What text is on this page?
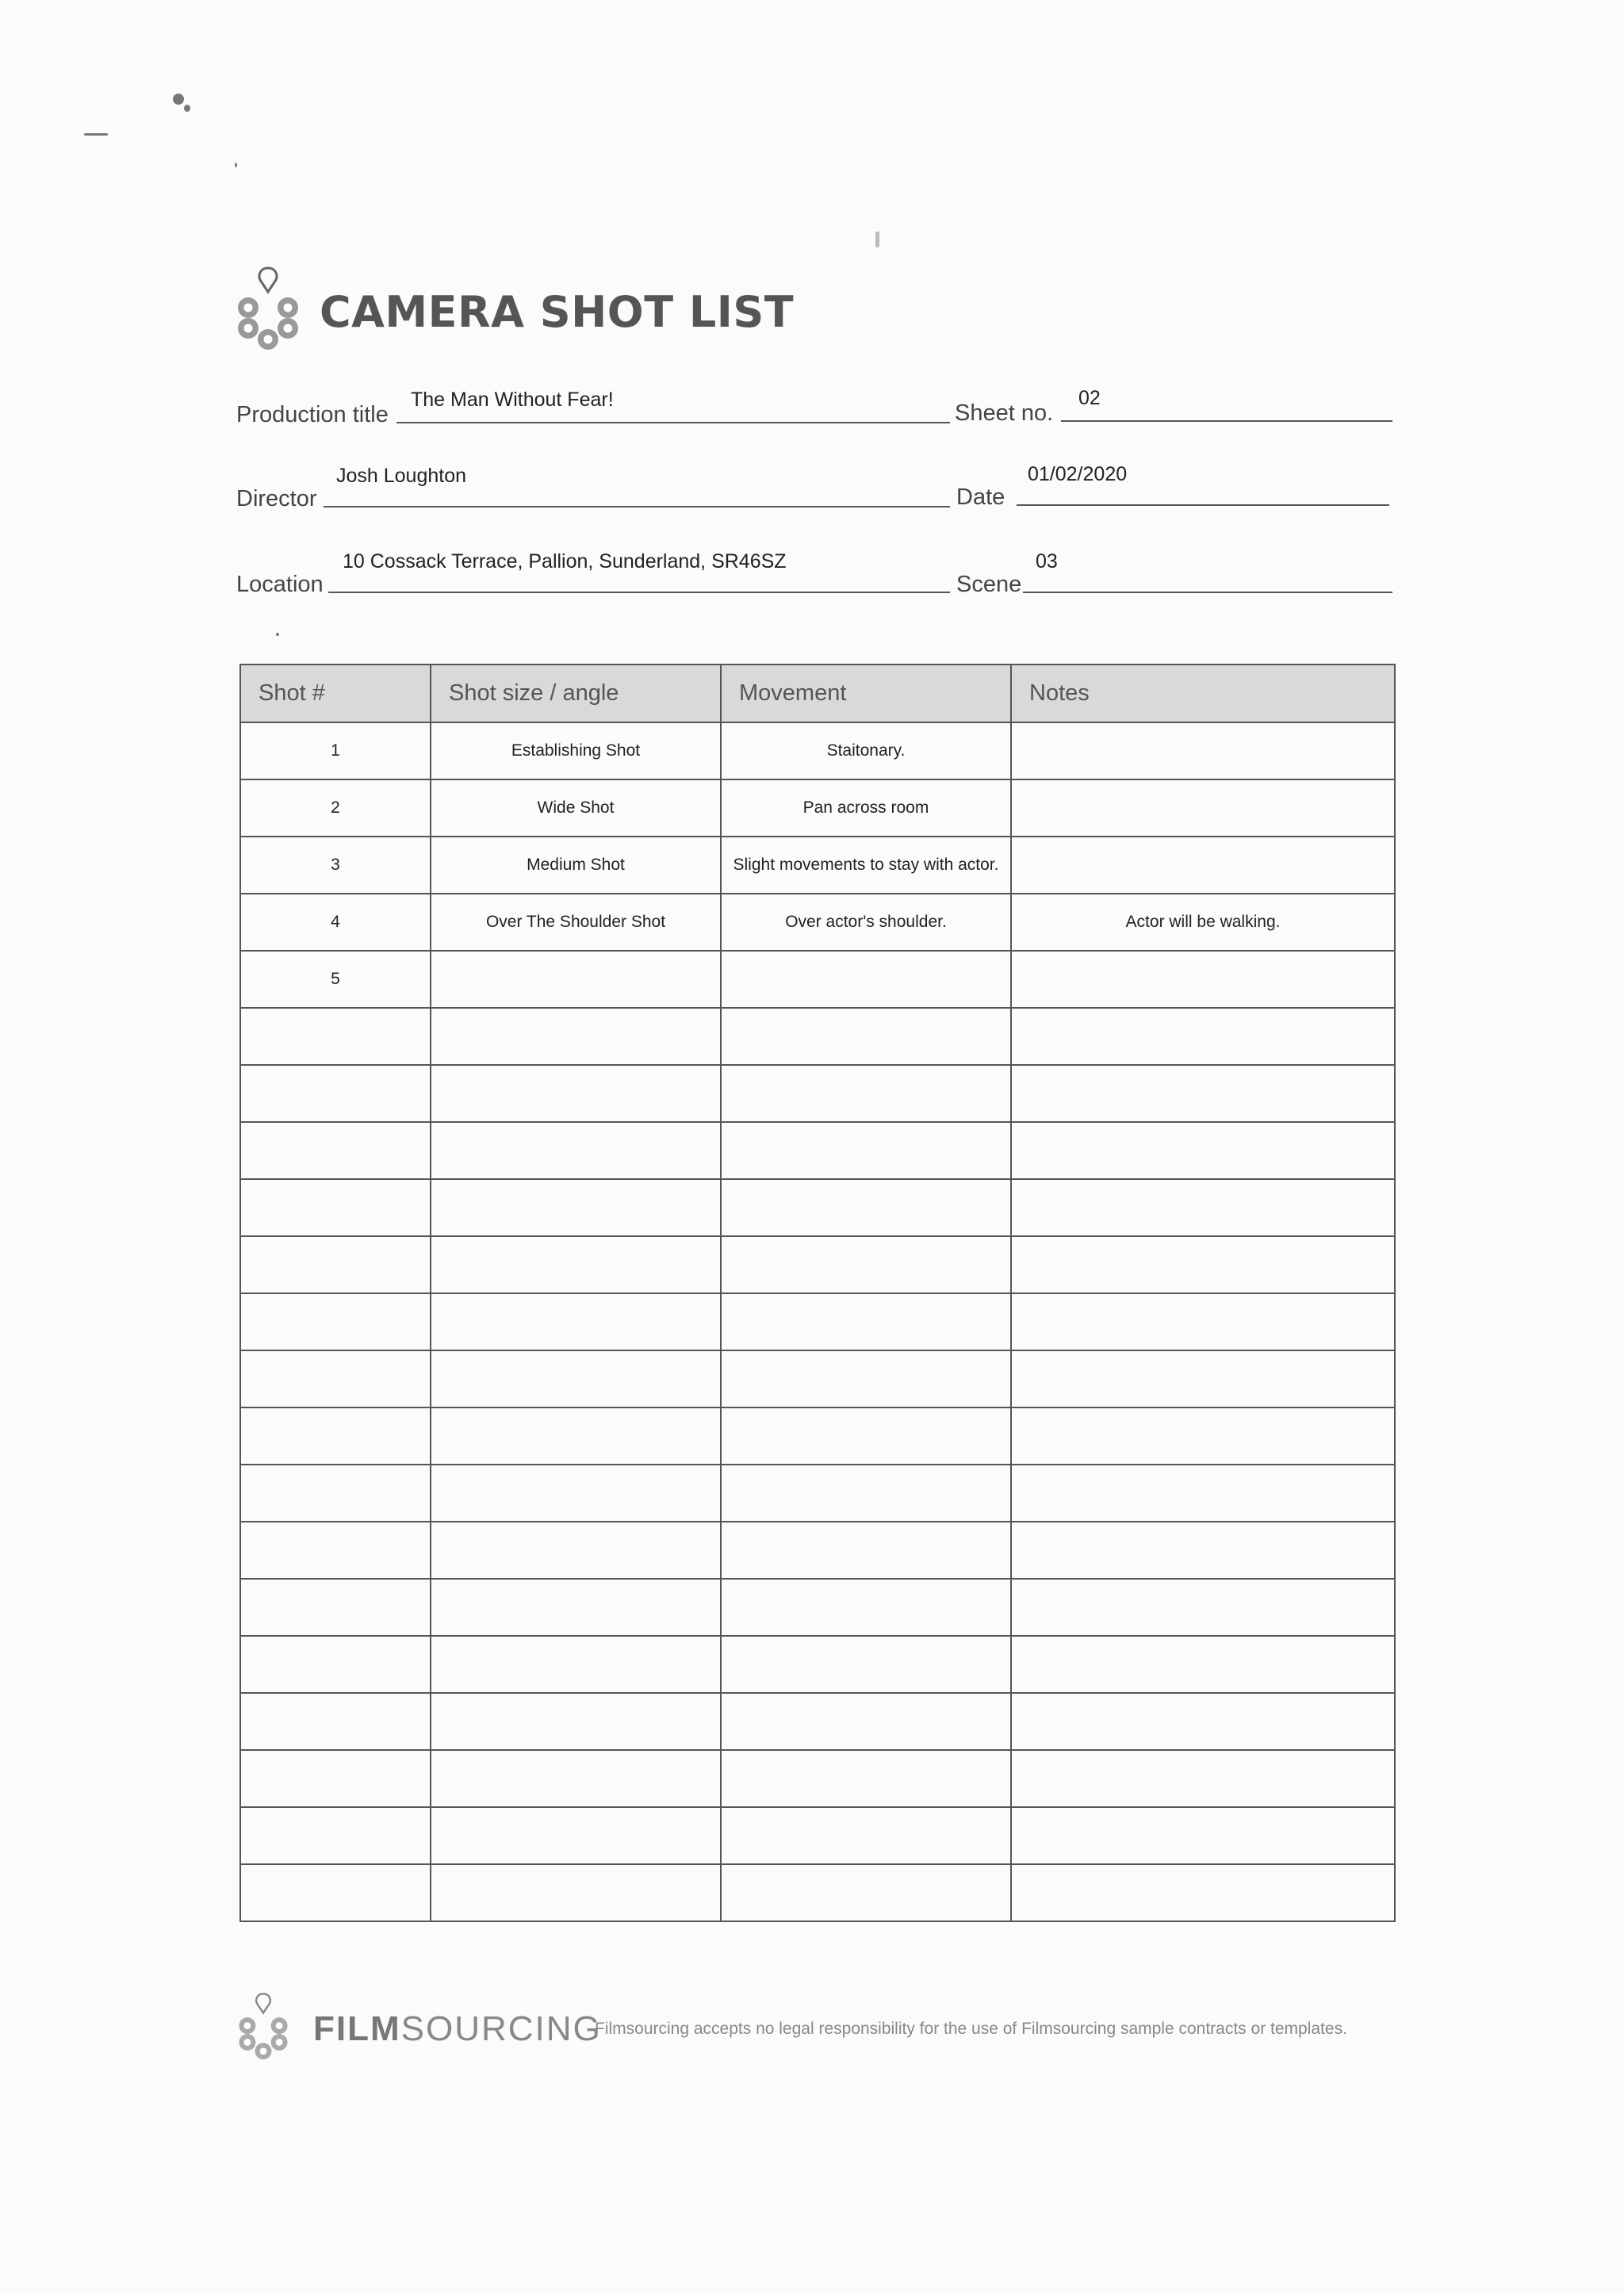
CAMERA SHOT LIST
Production title
The Man Without Fear!
Sheet no.
02
Director
Josh Loughton
Date
01/02/2020
Location
10 Cossack Terrace, Pallion, Sunderland, SR46SZ
Scene
03
Shot #	Shot size / angle	Movement	Notes
1	Establishing Shot	Staitonary.	
2	Wide Shot	Pan across room	
3	Medium Shot	Slight movements to stay with actor.	
4	Over The Shoulder Shot	Over actor's shoulder.	Actor will be walking.
5			

FILMSOURCING
Filmsourcing accepts no legal responsibility for the use of Filmsourcing sample contracts or templates.
